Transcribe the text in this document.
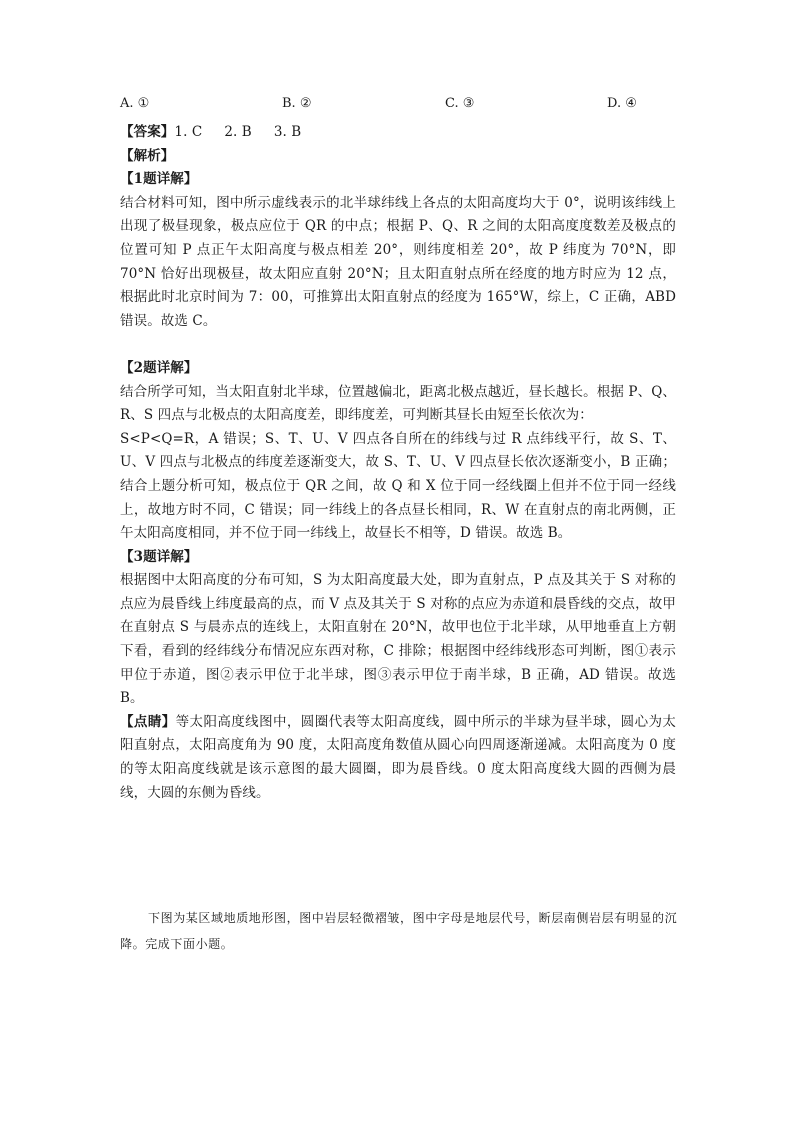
A. ①	B. ②	C. ③	D. ④

【答案】1. C 2. B 3. B

【解析】

【1题详解】

结合材料可知，图中所示虚线表示的北半球纬线上各点的太阳高度均大于 0°，说明该纬线上出现了极昼现象，极点应位于 QR 的中点；根据 P、Q、R 之间的太阳高度度数差及极点的位置可知 P 点正午太阳高度与极点相差 20°，则纬度相差 20°，故 P 纬度为 70°N，即 70°N 恰好出现极昼，故太阳应直射 20°N；且太阳直射点所在经度的地方时应为 12 点，根据此时北京时间为 7：00，可推算出太阳直射点的经度为 165°W，综上，C 正确，ABD 错误。故选 C。

【2题详解】

结合所学可知，当太阳直射北半球，位置越偏北，距离北极点越近，昼长越长。根据 P、Q、R、S 四点与北极点的太阳高度差，即纬度差，可判断其昼长由短至长依次为：

S<P<Q=R，A 错误；S、T、U、V 四点各自所在的纬线与过 R 点纬线平行，故 S、T、U、V 四点与北极点的纬度差逐渐变大，故 S、T、U、V 四点昼长依次逐渐变小，B 正确；结合上题分析可知，极点位于 QR 之间，故 Q 和 X 位于同一经线圈上但并不位于同一经线上，故地方时不同，C 错误；同一纬线上的各点昼长相同，R、W 在直射点的南北两侧，正午太阳高度相同，并不位于同一纬线上，故昼长不相等，D 错误。故选 B。

【3题详解】

根据图中太阳高度的分布可知，S 为太阳高度最大处，即为直射点，P 点及其关于 S 对称的点应为晨昏线上纬度最高的点，而 V 点及其关于 S 对称的点应为赤道和晨昏线的交点，故甲在直射点 S 与晨赤点的连线上，太阳直射在 20°N，故甲也位于北半球，从甲地垂直上方朝下看，看到的经纬线分布情况应东西对称，C 排除；根据图中经纬线形态可判断，图①表示甲位于赤道，图②表示甲位于北半球，图③表示甲位于南半球，B 正确，AD 错误。故选 B。

【点睛】等太阳高度线图中，圆圈代表等太阳高度线，圆中所示的半球为昼半球，圆心为太阳直射点，太阳高度角为 90 度，太阳高度角数值从圆心向四周逐渐递减。太阳高度为 0 度的等太阳高度线就是该示意图的最大圆圈，即为晨昏线。0 度太阳高度线大圆的西侧为晨线，大圆的东侧为昏线。

下图为某区域地质地形图，图中岩层轻微褶皱，图中字母是地层代号，断层南侧岩层有明显的沉降。完成下面小题。
